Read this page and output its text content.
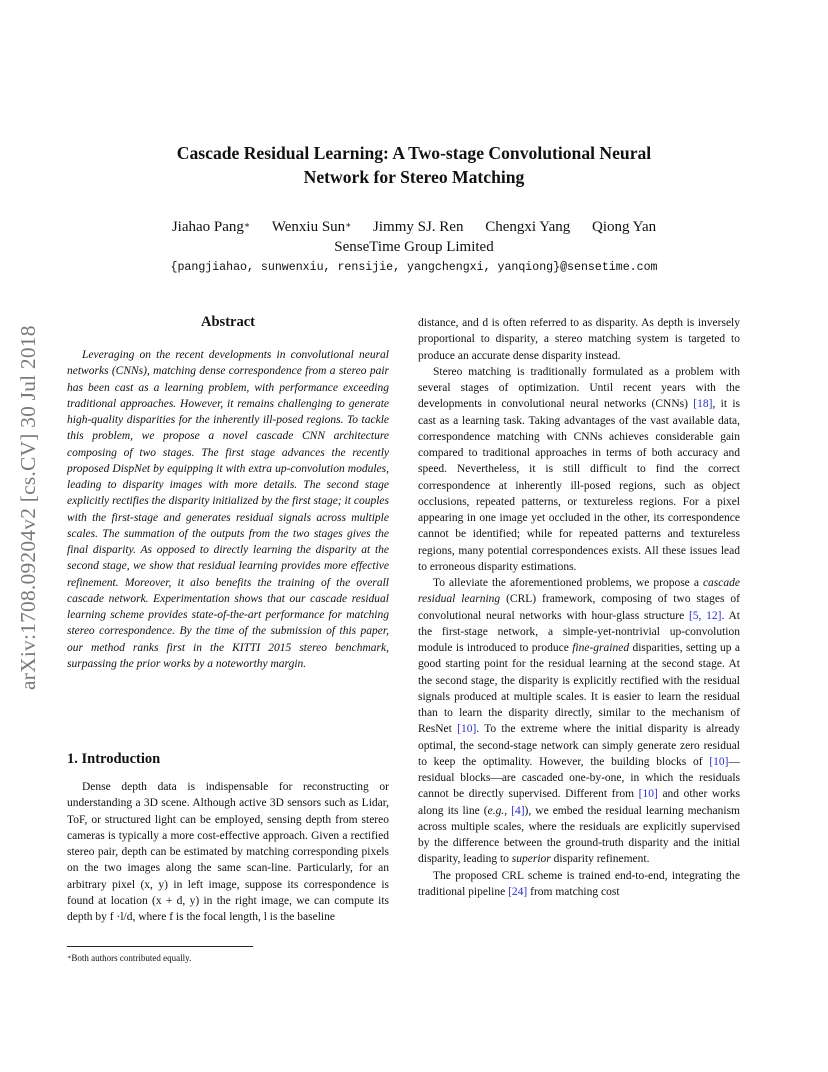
arXiv:1708.09204v2 [cs.CV] 30 Jul 2018
Cascade Residual Learning: A Two-stage Convolutional Neural
Network for Stereo Matching
Jiahao Pang∗ Wenxiu Sun∗ Jimmy SJ. Ren Chengxi Yang Qiong Yan
SenseTime Group Limited
{pangjiahao, sunwenxiu, rensijie, yangchengxi, yanqiong}@sensetime.com
Abstract

Leveraging on the recent developments in convolutional neural networks (CNNs), matching dense correspondence from a stereo pair has been cast as a learning problem, with performance exceeding traditional approaches. However, it remains challenging to generate high-quality disparities for the inherently ill-posed regions. To tackle this problem, we propose a novel cascade CNN architecture composing of two stages. The first stage advances the recently proposed DispNet by equipping it with extra up-convolution modules, leading to disparity images with more details. The second stage explicitly rectifies the disparity initialized by the first stage; it couples with the first-stage and generates residual signals across multiple scales. The summation of the outputs from the two stages gives the final disparity. As opposed to directly learning the disparity at the second stage, we show that residual learning provides more effective refinement. Moreover, it also benefits the training of the overall cascade network. Experimentation shows that our cascade residual learning scheme provides state-of-the-art performance for matching stereo correspondence. By the time of the submission of this paper, our method ranks first in the KITTI 2015 stereo benchmark, surpassing the prior works by a noteworthy margin.

1. Introduction

Dense depth data is indispensable for reconstructing or understanding a 3D scene. Although active 3D sensors such as Lidar, ToF, or structured light can be employed, sensing depth from stereo cameras is typically a more cost-effective approach. Given a rectified stereo pair, depth can be estimated by matching corresponding pixels on the two images along the same scan-line. Particularly, for an arbitrary pixel (x, y) in left image, suppose its correspondence is found at location (x + d, y) in the right image, we can compute its depth by f ·l/d, where f is the focal length, l is the baseline

distance, and d is often referred to as disparity. As depth is inversely proportional to disparity, a stereo matching system is targeted to produce an accurate dense disparity instead.

Stereo matching is traditionally formulated as a problem with several stages of optimization. Until recent years with the developments in convolutional neural networks (CNNs) [18], it is cast as a learning task. Taking advantages of the vast available data, correspondence matching with CNNs achieves considerable gain compared to traditional approaches in terms of both accuracy and speed. Nevertheless, it is still difficult to find the correct correspondence at inherently ill-posed regions, such as object occlusions, repeated patterns, or textureless regions. For a pixel appearing in one image yet occluded in the other, its correspondence cannot be identified; while for repeated patterns and textureless regions, many potential correspondences exists. All these issues lead to erroneous disparity estimations.

To alleviate the aforementioned problems, we propose a cascade residual learning (CRL) framework, composing of two stages of convolutional neural networks with hour-glass structure [5, 12]. At the first-stage network, a simple-yet-nontrivial up-convolution module is introduced to produce fine-grained disparities, setting up a good starting point for the residual learning at the second stage. At the second stage, the disparity is explicitly rectified with the residual signals produced at multiple scales. It is easier to learn the residual than to learn the disparity directly, similar to the mechanism of ResNet [10]. To the extreme where the initial disparity is already optimal, the second-stage network can simply generate zero residual to keep the optimality. However, the building blocks of [10]—residual blocks—are cascaded one-by-one, in which the residuals cannot be directly supervised. Different from [10] and other works along its line (e.g., [4]), we embed the residual learning mechanism across multiple scales, where the residuals are explicitly supervised by the difference between the ground-truth disparity and the initial disparity, leading to superior disparity refinement.

The proposed CRL scheme is trained end-to-end, integrating the traditional pipeline [24] from matching cost

∗Both authors contributed equally.
